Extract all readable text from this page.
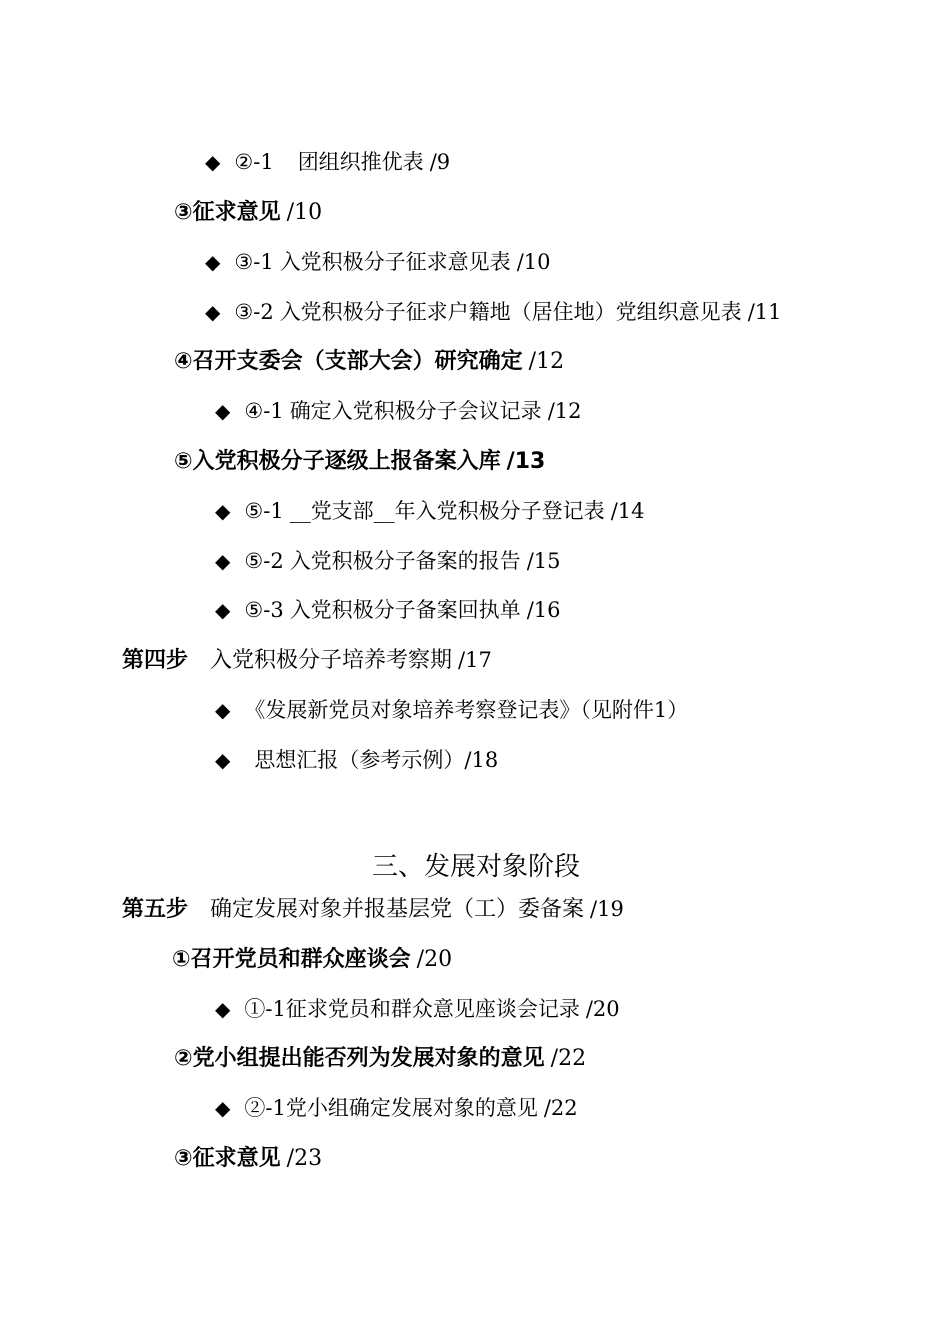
◆ ②-1 团组织推优表 /9
③征求意见 /10
◆ ③-1 入党积极分子征求意见表 /10
◆ ③-2 入党积极分子征求户籍地（居住地）党组织意见表 /11
④召开支委会（支部大会）研究确定 /12
◆ ④-1 确定入党积极分子会议记录 /12
⑤入党积极分子逐级上报备案入库 /13
◆ ⑤-1 __党支部__年入党积极分子登记表 /14
◆ ⑤-2 入党积极分子备案的报告 /15
◆ ⑤-3 入党积极分子备案回执单 /16
第四步 入党积极分子培养考察期 /17
◆ 《发展新党员对象培养考察登记表》（见附件1）
◆ 思想汇报（参考示例）/18
三、发展对象阶段
第五步 确定发展对象并报基层党（工）委备案 /19
①召开党员和群众座谈会 /20
◆ ①-1征求党员和群众意见座谈会记录 /20
②党小组提出能否列为发展对象的意见 /22
◆ ②-1党小组确定发展对象的意见 /22
③征求意见 /23
